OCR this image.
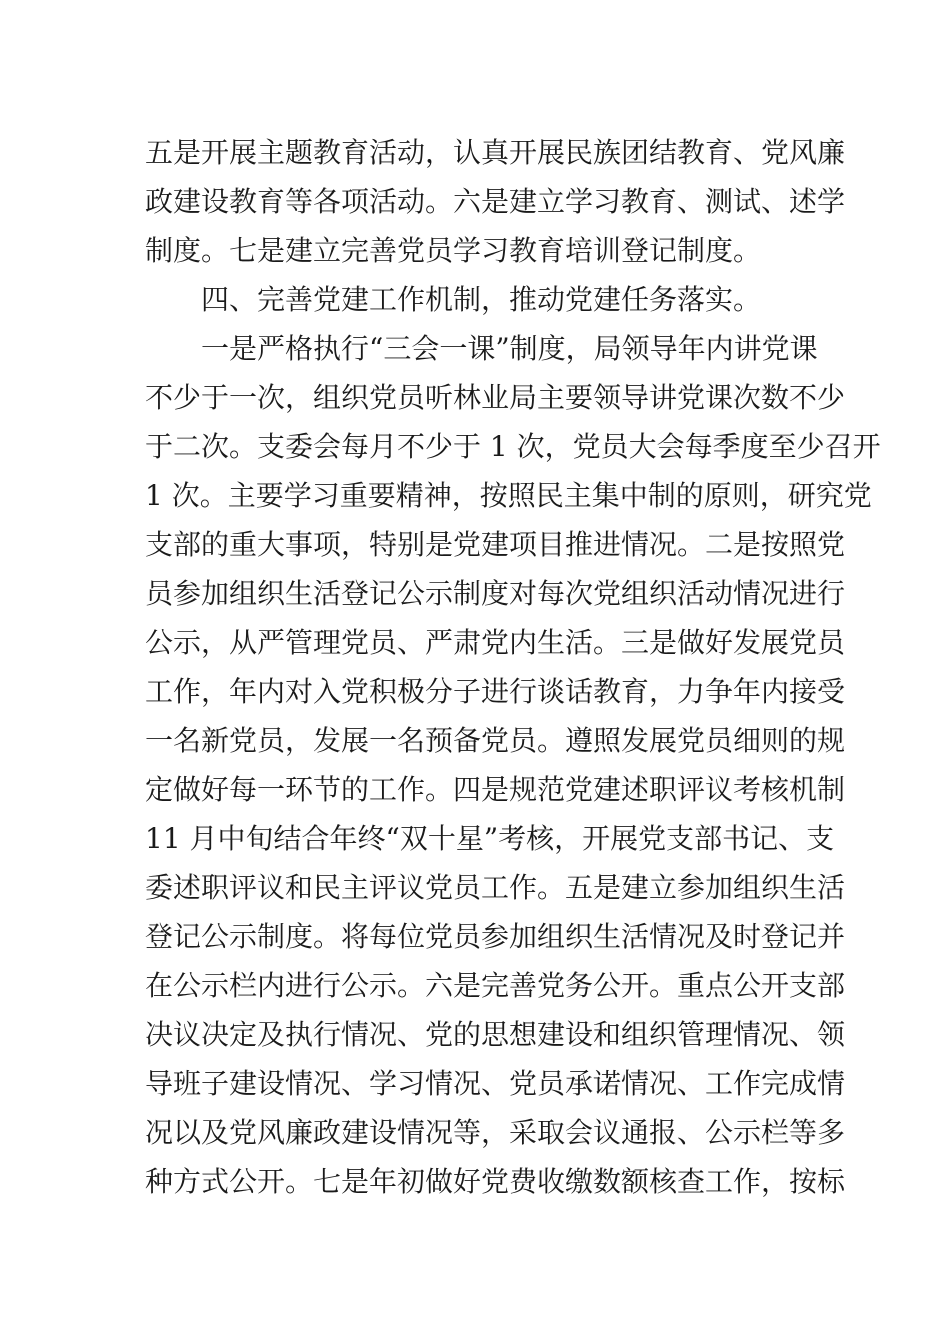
五是开展主题教育活动，认真开展民族团结教育、党风廉
政建设教育等各项活动。六是建立学习教育、测试、述学
制度。七是建立完善党员学习教育培训登记制度。
四、完善党建工作机制，推动党建任务落实。
一是严格执行“三会一课”制度，局领导年内讲党课
不少于一次，组织党员听林业局主要领导讲党课次数不少
于二次。支委会每月不少于 1 次，党员大会每季度至少召开
1 次。主要学习重要精神，按照民主集中制的原则，研究党
支部的重大事项，特别是党建项目推进情况。二是按照党
员参加组织生活登记公示制度对每次党组织活动情况进行
公示，从严管理党员、严肃党内生活。三是做好发展党员
工作，年内对入党积极分子进行谈话教育，力争年内接受
一名新党员，发展一名预备党员。遵照发展党员细则的规
定做好每一环节的工作。四是规范党建述职评议考核机制
11 月中旬结合年终“双十星”考核，开展党支部书记、支
委述职评议和民主评议党员工作。五是建立参加组织生活
登记公示制度。将每位党员参加组织生活情况及时登记并
在公示栏内进行公示。六是完善党务公开。重点公开支部
决议决定及执行情况、党的思想建设和组织管理情况、领
导班子建设情况、学习情况、党员承诺情况、工作完成情
况以及党风廉政建设情况等，采取会议通报、公示栏等多
种方式公开。七是年初做好党费收缴数额核查工作，按标
